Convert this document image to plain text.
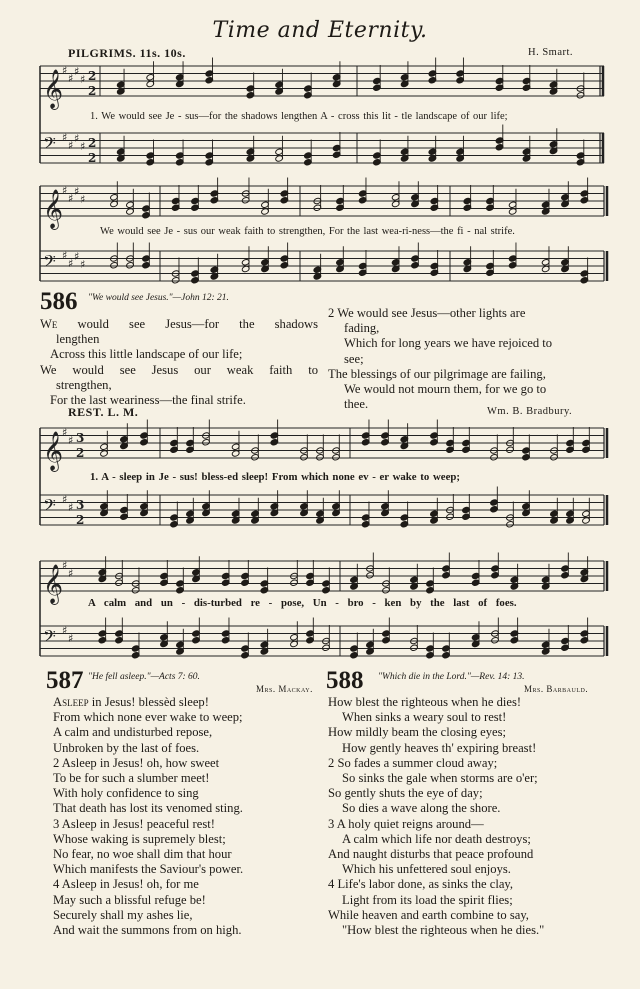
𝄞
♯
♯
♯
♯ 2
2
𝄢 ♯
♯
♯
♯ 2
2
𝄞
♯
♯
♯
♯
𝄢 ♯
♯
♯
♯
𝄞
♯
♯ 3
2
𝄢 ♯
♯ 3
2
𝄞
♯
♯
𝄢 ♯
♯
Time and Eternity.
PILGRIMS. 11s. 10s.	H. Smart.
1. We would see Je - sus—for the shadows lengthen A - cross this lit - tle landscape of our life;
We would see Je - sus our weak faith to strengthen, For the last wea-ri-ness—the fi - nal strife.
586 "We would see Jesus."—John 12: 21.
We would see Jesus—for the shadows
lengthen
Across this little landscape of our life;
We would see Jesus our weak faith to
strengthen,
For the last weariness—the final strife.
2 We would see Jesus—other lights are
fading,
Which for long years we have rejoiced to
see;
The blessings of our pilgrimage are failing,
We would not mourn them, for we go to
thee.
REST. L. M.	Wm. B. Bradbury.
1. A - sleep in Je - sus! bless-ed sleep! From which none ev - er wake to weep;
A calm and un - dis-turbed re - pose, Un - bro - ken by the last of foes.
587 "He fell asleep."—Acts 7: 60.
Mrs. Mackay.
Asleep in Jesus! blessèd sleep!
From which none ever wake to weep;
A calm and undisturbed repose,
Unbroken by the last of foes.
2 Asleep in Jesus! oh, how sweet
To be for such a slumber meet!
With holy confidence to sing
That death has lost its venomed sting.
3 Asleep in Jesus! peaceful rest!
Whose waking is supremely blest;
No fear, no woe shall dim that hour
Which manifests the Saviour's power.
4 Asleep in Jesus! oh, for me
May such a blissful refuge be!
Securely shall my ashes lie,
And wait the summons from on high.
588 "Which die in the Lord."—Rev. 14: 13.
Mrs. Barbauld.
How blest the righteous when he dies!
When sinks a weary soul to rest!
How mildly beam the closing eyes;
How gently heaves th' expiring breast!
2 So fades a summer cloud away;
So sinks the gale when storms are o'er;
So gently shuts the eye of day;
So dies a wave along the shore.
3 A holy quiet reigns around—
A calm which life nor death destroys;
And naught disturbs that peace profound
Which his unfettered soul enjoys.
4 Life's labor done, as sinks the clay,
Light from its load the spirit flies;
While heaven and earth combine to say,
"How blest the righteous when he dies."
